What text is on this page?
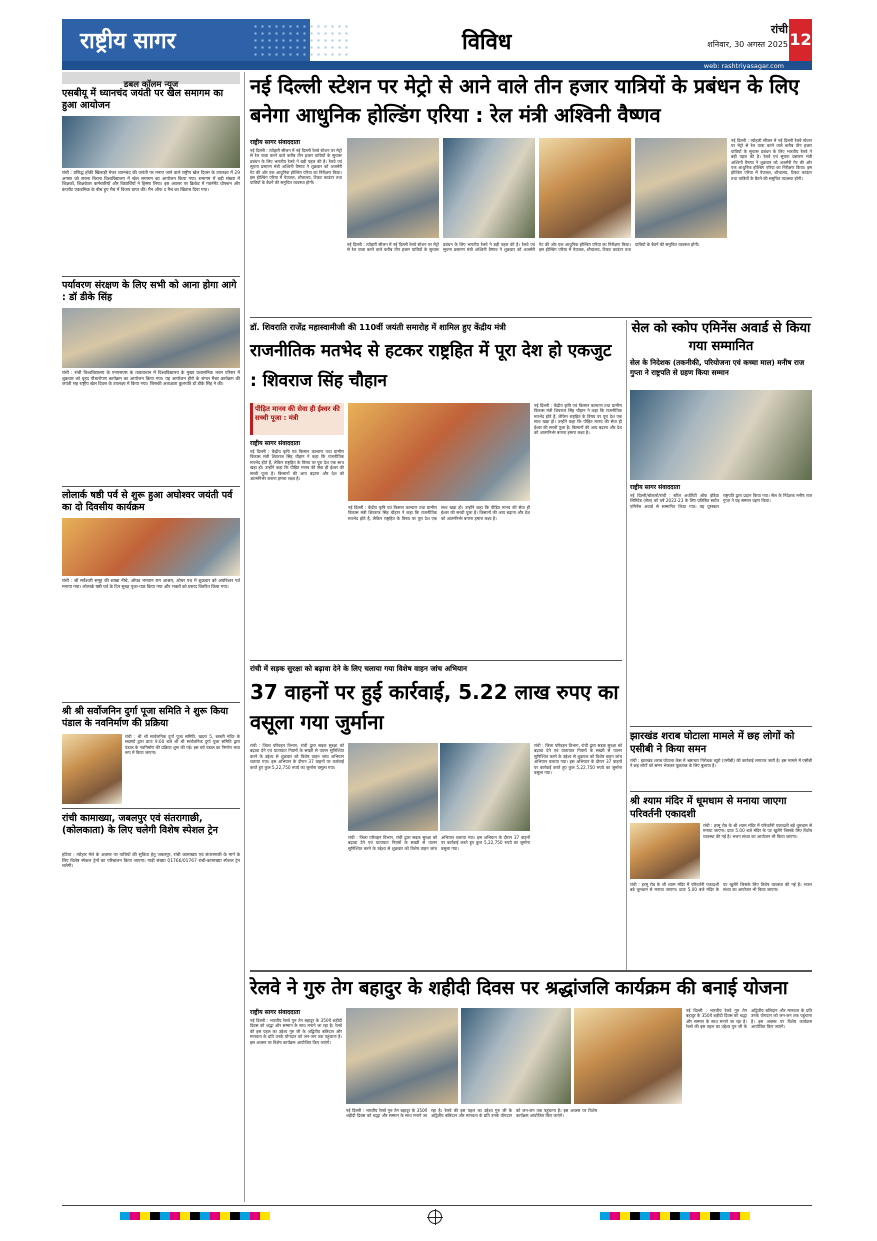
राष्ट्रीय सागर	विविध
रांची
शनिवार, 30 अगस्त 2025 12
web: rashtriyasagar.com
डबल कॉलम न्यूज
एसबीयू में ध्यानचंद जयंती पर खेल समागम का हुआ आयोजन
रांची : प्रसिद्ध हॉकी खिलाड़ी मेजर ध्यानचंद की जयंती पर मनाए जाने वाले राष्ट्रीय खेल दिवस के उपलक्ष्य में 29 अगस्त को सरला बिरला विश्वविद्यालय में खेल समागम का आयोजन किया गया। समागम में बड़ी संख्या में शिक्षकों, शिक्षकेतर कर्मचारियों और विद्यार्थियों ने हिस्सा लिया। इस अवसर पर क्रिकेट में गवर्नमेंट प्रोफ्शन और कंप्लीट एकडमिक के बीच हुए मैच में विजय प्राप्त की। मैन ऑफ द मैच का खिताब दिया गया।
पर्यावरण संरक्षण के लिए सभी को आना होगा आगे : डॉ डीके सिंह
रांची : रांची विश्वविद्यालय के एनएसएस के तत्वावधान में विश्वविद्यालय के मुख्य प्रशासनिक भवन परिसर में शुक्रवार को वृहद पौधारोपण कार्यक्रम का आयोजन किया गया। यह आयोजन हीरो के जंगल मैचर कार्यक्रम की जयंती सह राष्ट्रीय खेल दिवस के उपलक्ष्य में किया गया। जिसकी अध्यक्षता कुलपति डॉ डीके सिंह ने की।
लोलार्क षष्ठी पर्व से शुरू हुआ अघोश्वर जयंती पर्व का दो दिवसीय कार्यक्रम
रांची : श्री सर्वेश्वरी समूह की शाखा नीचे, ओघड भगवान राम आश्रम, ओघर पथ में शुक्रवार को अघोरेश्वर पर्व मनाया गया। लोलार्क षष्ठी पर्व के दिन सुबह पूजा-पाठ किया गया और भक्तों को प्रसाद वितरित किया गया।
श्री श्री सर्वोजनिन दुर्गा पूजा समिति ने शुरू किया पंडाल के नवनिर्माण की प्रक्रिया
रांची : श्री श्री सार्वजनिक दुर्गा पूजा समिति, खदरा 5, बरबरी मंदिर के सदस्यों द्वारा प्रातः 9:00 बजे श्री श्री सार्वजनिक दुर्गा पूजा समिति द्वारा पंडाल के नवनिर्माण की प्रक्रिया शुरू की गई। इस वर्ष पंडाल का निर्माण भव्य रूप में किया जाएगा।
रांची कामाख्या, जबलपुर एवं संतरागाछी, (कोलकाता) के लिए चलेगी विशेष स्पेशल ट्रेन
हटिया : त्योहार मेले के अवसर पर यात्रियों की सुविधा हेतु जबलपुर, रांची कामाख्या एवं संतरागाछी के मार्ग के लिए विशेष स्पेशल ट्रेनों का परिचालन किया जाएगा। गाड़ी संख्या 01766/01767 रांची-कामाख्या स्पेशल ट्रेन चलेगी।
नई दिल्ली स्टेशन पर मेट्रो से आने वाले तीन हजार यात्रियों के प्रबंधन के लिए बनेगा आधुनिक होल्डिंग एरिया : रेल मंत्री अश्विनी वैष्णव
राष्ट्रीय सागर संवाददाता
नई दिल्ली : त्योहारी सीजन में नई दिल्ली रेलवे स्टेशन पर मेट्रो से रेल यात्रा करने वाले करीब तीन हजार यात्रियों के सुचारू प्रबंधन के लिए भारतीय रेलवे ने बड़ी पहल की है। रेलवे एवं सूचना प्रसारण मंत्री अश्विनी वैष्णव ने शुक्रवार को अजमेरी गेट की ओर एक आधुनिक होल्डिंग एरिया का निरीक्षण किया। इस होल्डिंग एरिया में पेयजल, शौचालय, टिकट काउंटर तथा यात्रियों के बैठने की समुचित व्यवस्था होगी।
नई दिल्ली : त्योहारी सीजन में नई दिल्ली रेलवे स्टेशन पर मेट्रो से रेल यात्रा करने वाले करीब तीन हजार यात्रियों के सुचारू प्रबंधन के लिए भारतीय रेलवे ने बड़ी पहल की है। रेलवे एवं सूचना प्रसारण मंत्री अश्विनी वैष्णव ने शुक्रवार को अजमेरी गेट की ओर एक आधुनिक होल्डिंग एरिया का निरीक्षण किया। इस होल्डिंग एरिया में पेयजल, शौचालय, टिकट काउंटर तथा यात्रियों के बैठने की समुचित व्यवस्था होगी।
नई दिल्ली : त्योहारी सीजन में नई दिल्ली रेलवे स्टेशन पर मेट्रो से रेल यात्रा करने वाले करीब तीन हजार यात्रियों के सुचारू प्रबंधन के लिए भारतीय रेलवे ने बड़ी पहल की है। रेलवे एवं सूचना प्रसारण मंत्री अश्विनी वैष्णव ने शुक्रवार को अजमेरी गेट की ओर एक आधुनिक होल्डिंग एरिया का निरीक्षण किया। इस होल्डिंग एरिया में पेयजल, शौचालय, टिकट काउंटर तथा यात्रियों के बैठने की समुचित व्यवस्था होगी।
डॉ. शिवराति राजेंद्र महास्वामीजी की 110वीं जयंती समारोह में शामिल हुए केंद्रीय मंत्री
राजनीतिक मतभेद से हटकर राष्ट्रहित में पूरा देश हो एकजुट : शिवराज सिंह चौहान
पीड़ित मानव की सेवा ही ईश्वर की सच्ची पूजा : मंत्री
राष्ट्रीय सागर संवाददाता
नई दिल्ली : केंद्रीय कृषि एवं किसान कल्याण तथा ग्रामीण विकास मंत्री शिवराज सिंह चौहान ने कहा कि राजनीतिक मतभेद होते हैं, लेकिन राष्ट्रहित के विषय पर पूरा देश एक साथ खड़ा हो। उन्होंने कहा कि पीड़ित मानव की सेवा ही ईश्वर की सच्ची पूजा है। किसानों की आय बढ़ाना और देश को आत्मनिर्भर बनाना हमारा लक्ष्य है।
नई दिल्ली : केंद्रीय कृषि एवं किसान कल्याण तथा ग्रामीण विकास मंत्री शिवराज सिंह चौहान ने कहा कि राजनीतिक मतभेद होते हैं, लेकिन राष्ट्रहित के विषय पर पूरा देश एक साथ खड़ा हो। उन्होंने कहा कि पीड़ित मानव की सेवा ही ईश्वर की सच्ची पूजा है। किसानों की आय बढ़ाना और देश को आत्मनिर्भर बनाना हमारा लक्ष्य है।
नई दिल्ली : केंद्रीय कृषि एवं किसान कल्याण तथा ग्रामीण विकास मंत्री शिवराज सिंह चौहान ने कहा कि राजनीतिक मतभेद होते हैं, लेकिन राष्ट्रहित के विषय पर पूरा देश एक साथ खड़ा हो। उन्होंने कहा कि पीड़ित मानव की सेवा ही ईश्वर की सच्ची पूजा है। किसानों की आय बढ़ाना और देश को आत्मनिर्भर बनाना हमारा लक्ष्य है।
सेल को स्कोप एमिनेंस अवार्ड से किया गया सम्मानित
सेल के निदेशक (तकनीकी, परियोजना एवं कच्चा माल) मनीष राज गुप्ता ने राष्ट्रपति से ग्रहण किया सम्मान
राष्ट्रीय सागर संवाददाता
नई दिल्ली/बोकारो/रांची : स्टील अथॉरिटी ऑफ इंडिया लिमिटेड (सेल) को वर्ष 2022-23 के लिए प्रतिष्ठित स्कोप एमिनेंस अवार्ड से सम्मानित किया गया। यह पुरस्कार राष्ट्रपति द्वारा प्रदान किया गया। सेल के निदेशक मनीष राज गुप्ता ने यह सम्मान ग्रहण किया।
रांची में सड़क सुरक्षा को बढ़ावा देने के लिए चलाया गया विशेष वाहन जांच अभियान
37 वाहनों पर हुई कार्रवाई, 5.22 लाख रुपए का वसूला गया जुर्माना
रांची : जिला परिवहन विभाग, रांची द्वारा सड़क सुरक्षा को बढ़ावा देने एवं यातायात नियमों के सख्ती से पालन सुनिश्चित करने के उद्देश्य से शुक्रवार को विशेष वाहन जांच अभियान चलाया गया। इस अभियान के दौरान 37 वाहनों पर कार्रवाई करते हुए कुल 5,22,750 रुपये का जुर्माना वसूला गया।
रांची : जिला परिवहन विभाग, रांची द्वारा सड़क सुरक्षा को बढ़ावा देने एवं यातायात नियमों के सख्ती से पालन सुनिश्चित करने के उद्देश्य से शुक्रवार को विशेष वाहन जांच अभियान चलाया गया। इस अभियान के दौरान 37 वाहनों पर कार्रवाई करते हुए कुल 5,22,750 रुपये का जुर्माना वसूला गया।
रांची : जिला परिवहन विभाग, रांची द्वारा सड़क सुरक्षा को बढ़ावा देने एवं यातायात नियमों के सख्ती से पालन सुनिश्चित करने के उद्देश्य से शुक्रवार को विशेष वाहन जांच अभियान चलाया गया। इस अभियान के दौरान 37 वाहनों पर कार्रवाई करते हुए कुल 5,22,750 रुपये का जुर्माना वसूला गया।
झारखंड शराब घोटाला मामले में छह लोगों को एसीबी ने किया समन
रांची : झारखंड शराब घोटाला केस में भ्रष्टाचार निरोधक ब्यूरो (एसीबी) की कार्रवाई लगातार जारी है। इस मामले में एसीबी ने छह लोगों को समन भेजकर पूछताछ के लिए बुलाया है।
श्री श्याम मंदिर में धूमधाम से मनाया जाएगा परिवर्तनी एकादशी
रांची : हरमू रोड के श्री श्याम मंदिर में परिवर्तनी एकादशी बड़े धूमधाम से मनाया जाएगा। प्रातः 5.00 बजे मंदिर के पट खुलेंगे जिसके लिए विशेष व्यवस्था की गई है। भजन संध्या का आयोजन भी किया जाएगा।
रांची : हरमू रोड के श्री श्याम मंदिर में परिवर्तनी एकादशी बड़े धूमधाम से मनाया जाएगा। प्रातः 5.00 बजे मंदिर के पट खुलेंगे जिसके लिए विशेष व्यवस्था की गई है। भजन संध्या का आयोजन भी किया जाएगा।
रेलवे ने गुरु तेग बहादुर के शहीदी दिवस पर श्रद्धांजलि कार्यक्रम की बनाई योजना
राष्ट्रीय सागर संवाददाता
नई दिल्ली : भारतीय रेलवे गुरु तेग बहादुर के 350वें शहीदी दिवस को श्रद्धा और सम्मान के साथ मनाने जा रहा है। रेलवे की इस पहल का उद्देश्य गुरु जी के अद्वितीय बलिदान और मानवता के प्रति उनके योगदान को जन-जन तक पहुंचाना है। इस अवसर पर विशेष कार्यक्रम आयोजित किए जाएंगे।
नई दिल्ली : भारतीय रेलवे गुरु तेग बहादुर के 350वें शहीदी दिवस को श्रद्धा और सम्मान के साथ मनाने जा रहा है। रेलवे की इस पहल का उद्देश्य गुरु जी के अद्वितीय बलिदान और मानवता के प्रति उनके योगदान को जन-जन तक पहुंचाना है। इस अवसर पर विशेष कार्यक्रम आयोजित किए जाएंगे।
नई दिल्ली : भारतीय रेलवे गुरु तेग बहादुर के 350वें शहीदी दिवस को श्रद्धा और सम्मान के साथ मनाने जा रहा है। रेलवे की इस पहल का उद्देश्य गुरु जी के अद्वितीय बलिदान और मानवता के प्रति उनके योगदान को जन-जन तक पहुंचाना है। इस अवसर पर विशेष कार्यक्रम आयोजित किए जाएंगे।
